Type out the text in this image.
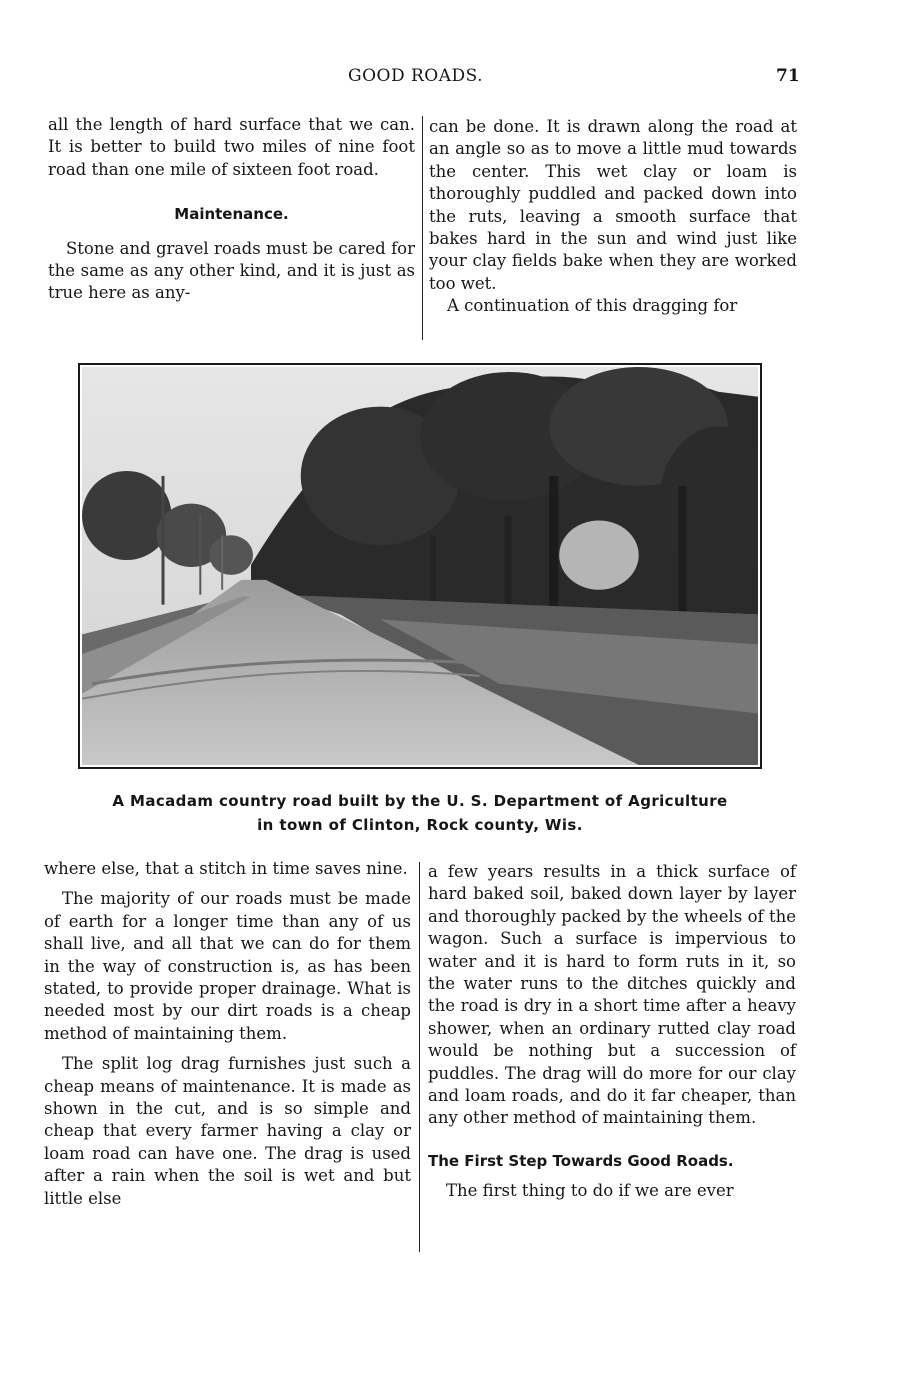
GOOD ROADS.	71

all the length of hard surface that we can. It is better to build two miles of nine foot road than one mile of sixteen foot road.

Maintenance.

Stone and gravel roads must be cared for the same as any other kind, and it is just as true here as any-

can be done. It is drawn along the road at an angle so as to move a little mud towards the center. This wet clay or loam is thoroughly puddled and packed down into the ruts, leaving a smooth surface that bakes hard in the sun and wind just like your clay fields bake when they are worked too wet.

A continuation of this dragging for

A Macadam country road built by the U. S. Department of Agriculture
in town of Clinton, Rock county, Wis.

where else, that a stitch in time saves nine.

The majority of our roads must be made of earth for a longer time than any of us shall live, and all that we can do for them in the way of construction is, as has been stated, to provide proper drainage. What is needed most by our dirt roads is a cheap method of maintaining them.

The split log drag furnishes just such a cheap means of maintenance. It is made as shown in the cut, and is so simple and cheap that every farmer having a clay or loam road can have one. The drag is used after a rain when the soil is wet and but little else

a few years results in a thick surface of hard baked soil, baked down layer by layer and thoroughly packed by the wheels of the wagon. Such a surface is impervious to water and it is hard to form ruts in it, so the water runs to the ditches quickly and the road is dry in a short time after a heavy shower, when an ordinary rutted clay road would be nothing but a succession of puddles. The drag will do more for our clay and loam roads, and do it far cheaper, than any other method of maintaining them.

The First Step Towards Good Roads.

The first thing to do if we are ever
